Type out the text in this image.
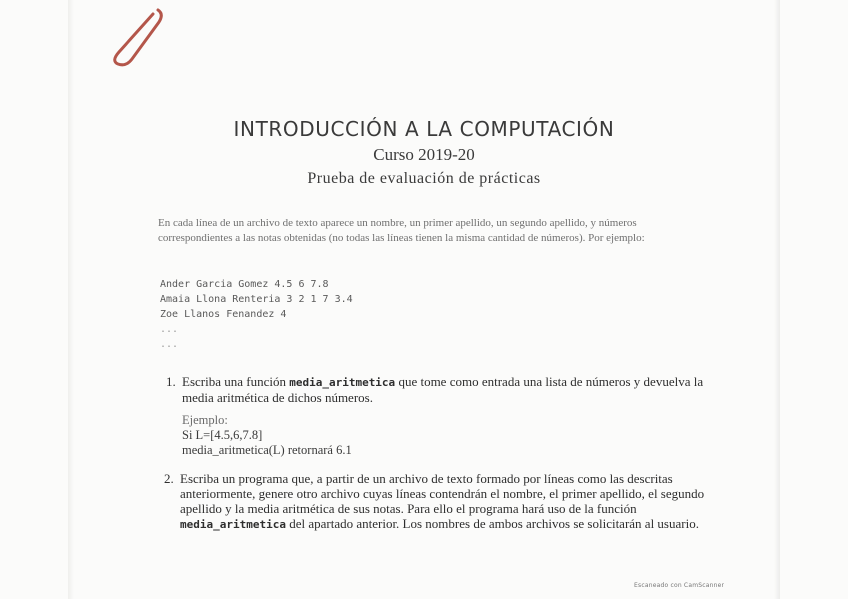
INTRODUCCIÓN A LA COMPUTACIÓN
Curso 2019-20
Prueba de evaluación de prácticas

En cada línea de un archivo de texto aparece un nombre, un primer apellido, un segundo apellido, y números correspondientes a las notas obtenidas (no todas las líneas tienen la misma cantidad de números). Por ejemplo:

Ander Garcia Gomez 4.5 6 7.8
Amaia Llona Renteria 3 2 1 7 3.4
Zoe Llanos Fenandez 4
...
...
1. Escriba una función media_aritmetica que tome como entrada una lista de números y devuelva la media aritmética de dichos números.
Ejemplo:
Si L=[4.5,6,7.8]
media_aritmetica(L) retornará 6.1
2. Escriba un programa que, a partir de un archivo de texto formado por líneas como las descritas anteriormente, genere otro archivo cuyas líneas contendrán el nombre, el primer apellido, el segundo apellido y la media aritmética de sus notas. Para ello el programa hará uso de la función media_aritmetica del apartado anterior. Los nombres de ambos archivos se solicitarán al usuario.
Escaneado con CamScanner
